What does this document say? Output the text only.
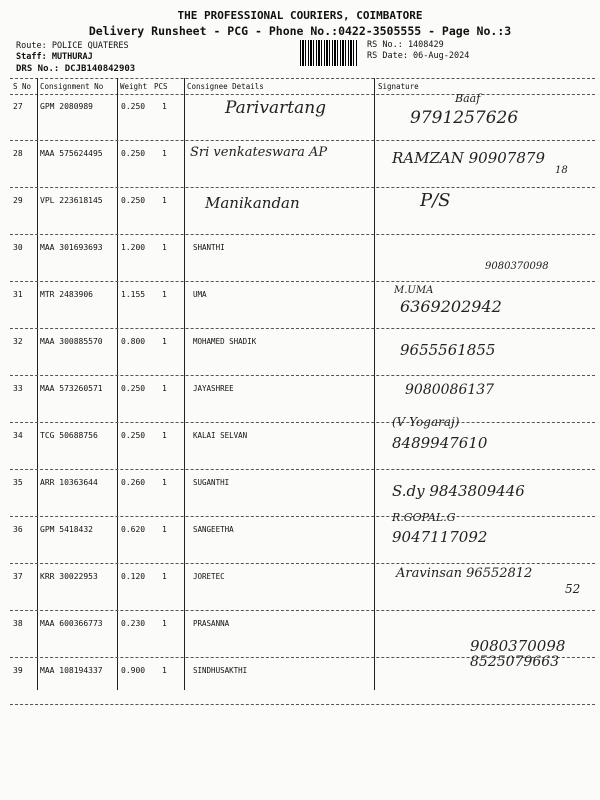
THE PROFESSIONAL COURIERS, COIMBATORE
Delivery Runsheet - PCG - Phone No.:0422-3505555 - Page No.:3
Route: POLICE QUATERES
Staff: MUTHURAJ
DRS No.: DCJB140842903
RS No.: 1408429
RS Date: 06-Aug-2024
S No Consignment No Weight PCS	Consignee Details	Signature
27 GPM 2080989	0.250 1	Parivartang	Baaf
9791257626
28 MAA 575624495 0.250 1 Sri venkateswara AP	RAMZAN 90907879
18
29 VPL 223618145 0.250 1	Manikandan	P/S
30 MAA 301693693 1.200 1	SHANTHI
9080370098
31 MTR 2483906	1.155 1	UMA	M.UMA
6369202942
32 MAA 300885570 0.800 1	MOHAMED SHADIK	9655561855
33 MAA 573260571 0.250 1	JAYASHREE	9080086137
34 TCG 50688756	0.250 1	KALAI SELVAN
(V Yogaraj)
8489947610
35 ARR 10363644	0.260 1	SUGANTHI	S.dy 9843809446
36 GPM 5418432	0.620 1	SANGEETHA
R.GOPAL.G
9047117092
37 KRR 30022953	0.120 1	JORETEC	Aravinsan 96552812
52
38 MAA 600366773 0.230 1	PRASANNA
9080370098
39 MAA 108194337 0.900 1	SINDHUSAKTHI
8525079663
